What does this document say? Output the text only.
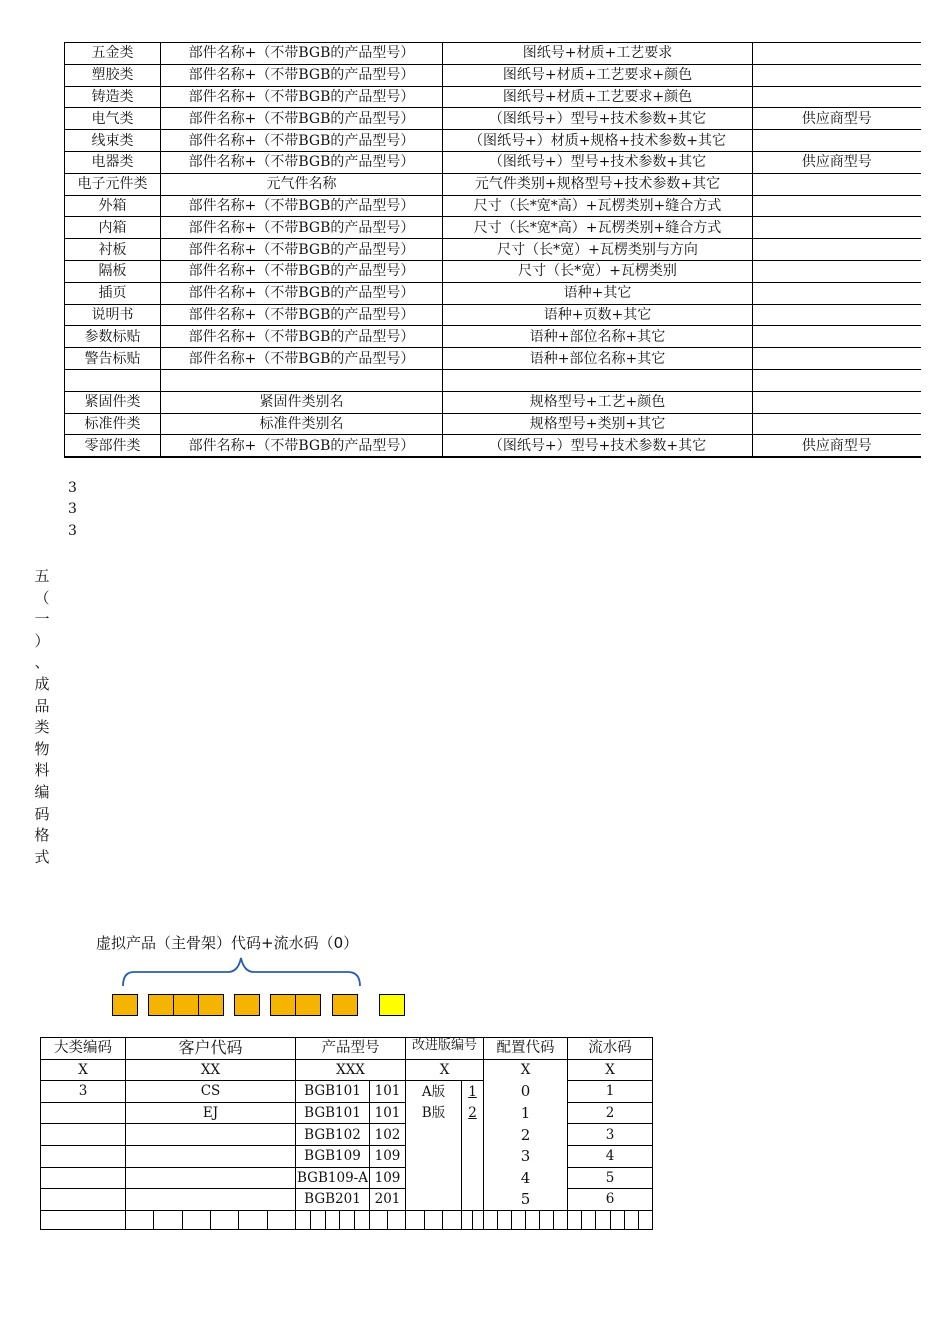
五金类	部件名称+（不带BGB的产品型号）	图纸号+材质+工艺要求	
塑胶类	部件名称+（不带BGB的产品型号）	图纸号+材质+工艺要求+颜色	
铸造类	部件名称+（不带BGB的产品型号）	图纸号+材质+工艺要求+颜色	
电气类	部件名称+（不带BGB的产品型号）	（图纸号+）型号+技术参数+其它	供应商型号
线束类	部件名称+（不带BGB的产品型号）	（图纸号+）材质+规格+技术参数+其它	
电器类	部件名称+（不带BGB的产品型号）	（图纸号+）型号+技术参数+其它	供应商型号
电子元件类	元气件名称	元气件类别+规格型号+技术参数+其它	
外箱	部件名称+（不带BGB的产品型号）	尺寸（长*宽*高）+瓦楞类别+缝合方式	
内箱	部件名称+（不带BGB的产品型号）	尺寸（长*宽*高）+瓦楞类别+缝合方式	
衬板	部件名称+（不带BGB的产品型号）	尺寸（长*宽）+瓦楞类别与方向	
隔板	部件名称+（不带BGB的产品型号）	尺寸（长*宽）+瓦楞类别	
插页	部件名称+（不带BGB的产品型号）	语种+其它	
说明书	部件名称+（不带BGB的产品型号）	语种+页数+其它	
参数标贴	部件名称+（不带BGB的产品型号）	语种+部位名称+其它	
警告标贴	部件名称+（不带BGB的产品型号）	语种+部位名称+其它	

紧固件类	紧固件类别名	规格型号+工艺+颜色	
标准件类	标准件类别名	规格型号+类别+其它	
零部件类	部件名称+（不带BGB的产品型号）	（图纸号+）型号+技术参数+其它	供应商型号
3
3
3
五
（
一
）
、
成
品
类
物
料
编
码
格
式
虚拟产品（主骨架）代码+流水码（0）
大类编码	客户代码	产品型号		改进版编号		配置代码	流水码
X	XX	XXX		X		X	X
3	CS	BGB101	101	A版	1	0	1
	EJ	BGB101	101	B版	2	1	2
		BGB102	102			2	3
		BGB109	109			3	4
		BGB109-A	109			4	5
		BGB201	201			5	6
